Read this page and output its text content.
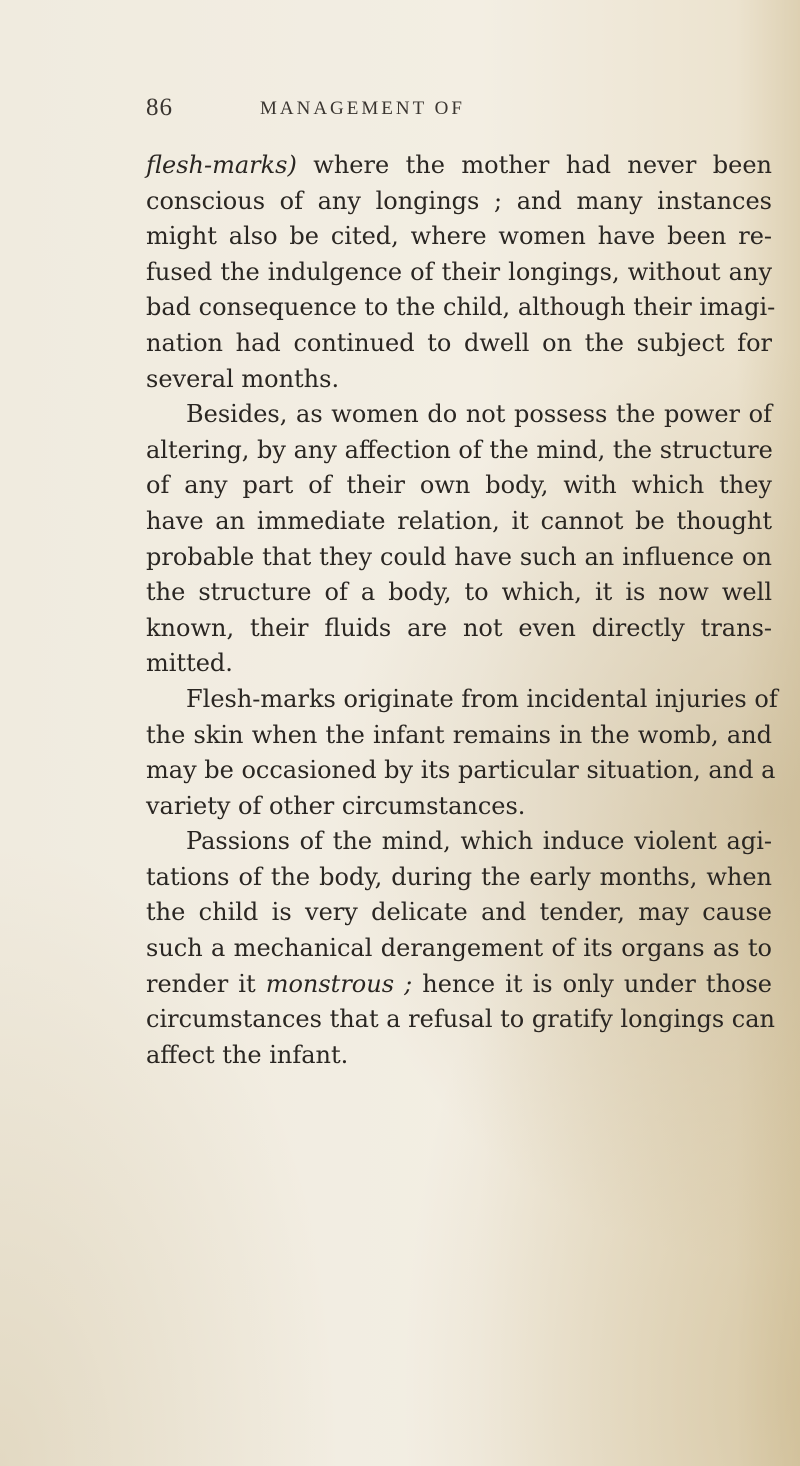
86	MANAGEMENT OF
flesh-marks) where the mother had never been
conscious of any longings ; and many instances
might also be cited, where women have been re-
fused the indulgence of their longings, without any
bad consequence to the child, although their imagi-
nation had continued to dwell on the subject for
several months.
Besides, as women do not possess the power of
altering, by any affection of the mind, the structure
of any part of their own body, with which they
have an immediate relation, it cannot be thought
probable that they could have such an influence on
the structure of a body, to which, it is now well
known, their fluids are not even directly trans-
mitted.
Flesh-marks originate from incidental injuries of
the skin when the infant remains in the womb, and
may be occasioned by its particular situation, and a
variety of other circumstances.
Passions of the mind, which induce violent agi-
tations of the body, during the early months, when
the child is very delicate and tender, may cause
such a mechanical derangement of its organs as to
render it monstrous ; hence it is only under those
circumstances that a refusal to gratify longings can
affect the infant.
